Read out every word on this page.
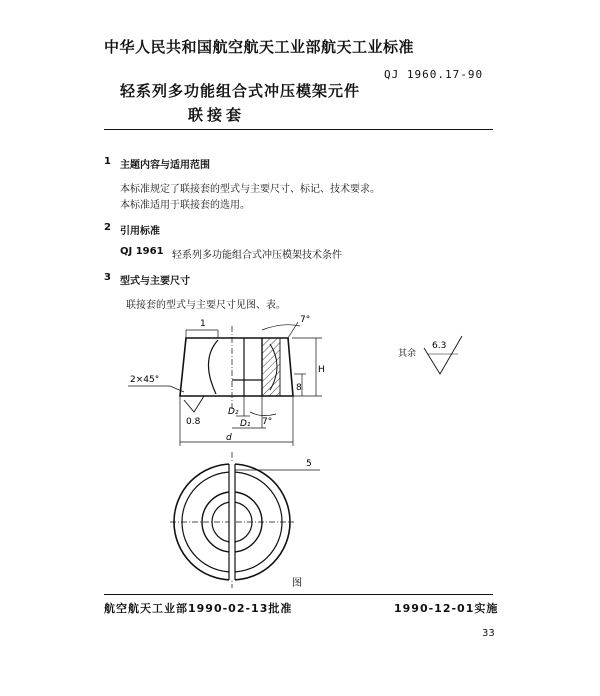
中华人民共和国航空航天工业部航天工业标准
QJ 1960.17-90
轻系列多功能组合式冲压模架元件
联接套
1 主题内容与适用范围
本标准规定了联接套的型式与主要尺寸、标记、技术要求。
本标准适用于联接套的选用。
2 引用标准
QJ 1961 轻系列多功能组合式冲压模架技术条件
3 型式与主要尺寸
联接套的型式与主要尺寸见图、表。
1	7°
2×45°
0.8
H
8
D₂
D₁ 7°
d
5
其余
6.3
图
航空航天工业部1990-02-13批准	1990-12-01实施
33
